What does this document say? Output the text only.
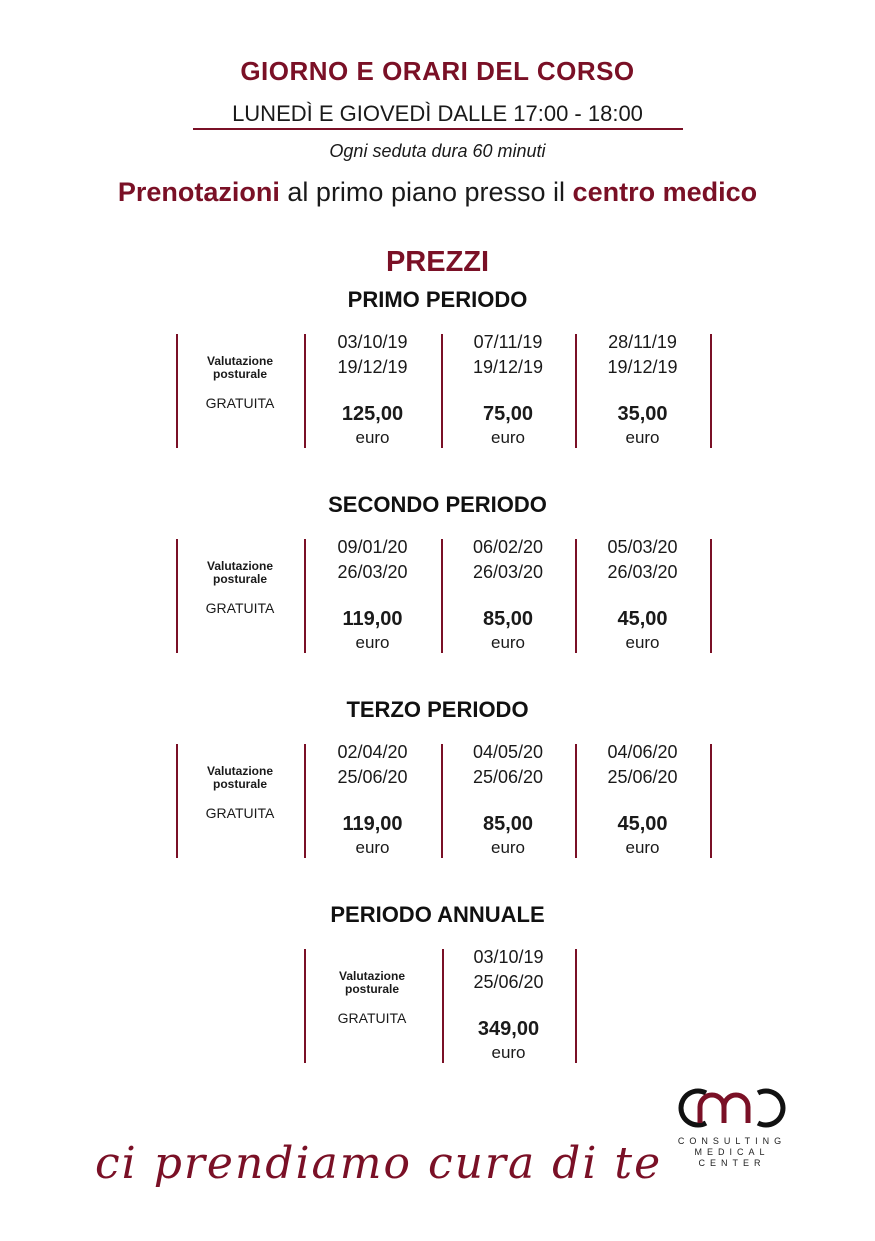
GIORNO E ORARI DEL CORSO
LUNEDÌ E GIOVEDÌ DALLE 17:00 - 18:00
Ogni seduta dura 60 minuti
Prenotazioni al primo piano presso il centro medico
PREZZI
PRIMO PERIODO
Valutazione
posturale
GRATUITA
03/10/19
19/12/19
125,00
euro
07/11/19
19/12/19
75,00
euro
28/11/19
19/12/19
35,00
euro
SECONDO PERIODO
Valutazione
posturale
GRATUITA
09/01/20
26/03/20
119,00
euro
06/02/20
26/03/20
85,00
euro
05/03/20
26/03/20
45,00
euro
TERZO PERIODO
Valutazione
posturale
GRATUITA
02/04/20
25/06/20
119,00
euro
04/05/20
25/06/20
85,00
euro
04/06/20
25/06/20
45,00
euro
PERIODO ANNUALE
Valutazione
posturale
GRATUITA
03/10/19
25/06/20
349,00
euro
ci prendiamo cura di te CONSULTING
MEDICAL
CENTER
